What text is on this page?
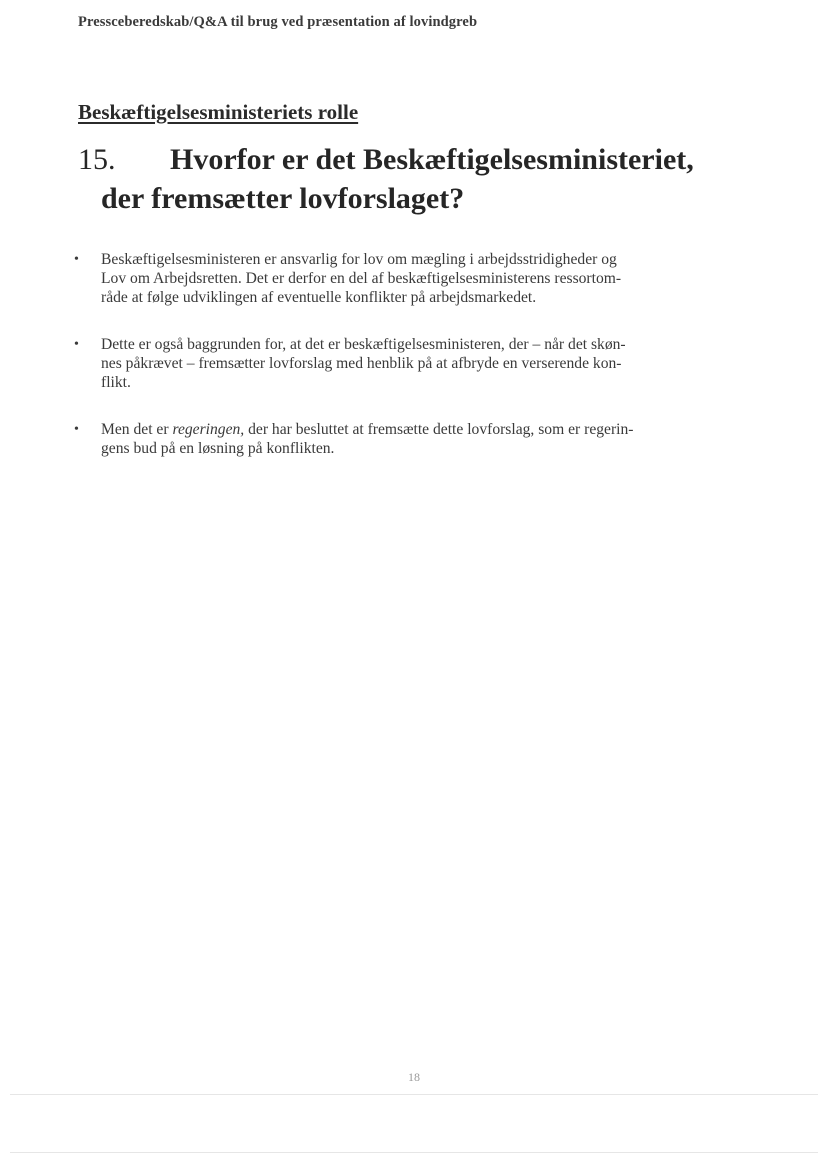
Pressceberedskab/Q&A til brug ved præsentation af lovindgreb
Beskæftigelsesministeriets rolle
15. Hvorfor er det Beskæftigelsesministeriet,
der fremsætter lovforslaget?
• Beskæftigelsesministeren er ansvarlig for lov om mægling i arbejdsstridigheder og
Lov om Arbejdsretten. Det er derfor en del af beskæftigelsesministerens ressortom-
råde at følge udviklingen af eventuelle konflikter på arbejdsmarkedet.
• Dette er også baggrunden for, at det er beskæftigelsesministeren, der – når det skøn-
nes påkrævet – fremsætter lovforslag med henblik på at afbryde en verserende kon-
flikt.
• Men det er regeringen, der har besluttet at fremsætte dette lovforslag, som er regerin-
gens bud på en løsning på konflikten.
18
